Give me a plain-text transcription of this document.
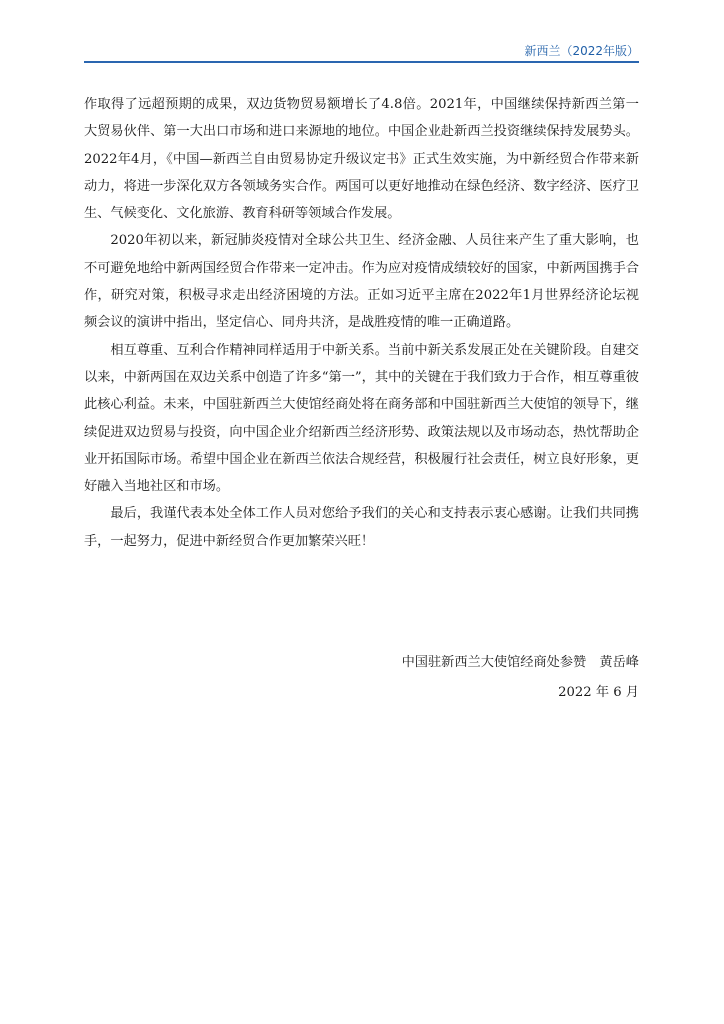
新西兰（2022年版）

作取得了远超预期的成果，双边货物贸易额增长了4.8倍。2021年，中国继续保持新西兰第一大贸易伙伴、第一大出口市场和进口来源地的地位。中国企业赴新西兰投资继续保持发展势头。2022年4月，《中国—新西兰自由贸易协定升级议定书》正式生效实施，为中新经贸合作带来新动力，将进一步深化双方各领域务实合作。两国可以更好地推动在绿色经济、数字经济、医疗卫生、气候变化、文化旅游、教育科研等领域合作发展。

2020年初以来，新冠肺炎疫情对全球公共卫生、经济金融、人员往来产生了重大影响，也不可避免地给中新两国经贸合作带来一定冲击。作为应对疫情成绩较好的国家，中新两国携手合作，研究对策，积极寻求走出经济困境的方法。正如习近平主席在2022年1月世界经济论坛视频会议的演讲中指出，坚定信心、同舟共济，是战胜疫情的唯一正确道路。

相互尊重、互利合作精神同样适用于中新关系。当前中新关系发展正处在关键阶段。自建交以来，中新两国在双边关系中创造了许多“第一”，其中的关键在于我们致力于合作，相互尊重彼此核心利益。未来，中国驻新西兰大使馆经商处将在商务部和中国驻新西兰大使馆的领导下，继续促进双边贸易与投资，向中国企业介绍新西兰经济形势、政策法规以及市场动态，热忱帮助企业开拓国际市场。希望中国企业在新西兰依法合规经营，积极履行社会责任，树立良好形象，更好融入当地社区和市场。

最后，我谨代表本处全体工作人员对您给予我们的关心和支持表示衷心感谢。让我们共同携手，一起努力，促进中新经贸合作更加繁荣兴旺！

中国驻新西兰大使馆经商处参赞　黄岳峰
2022 年 6 月
